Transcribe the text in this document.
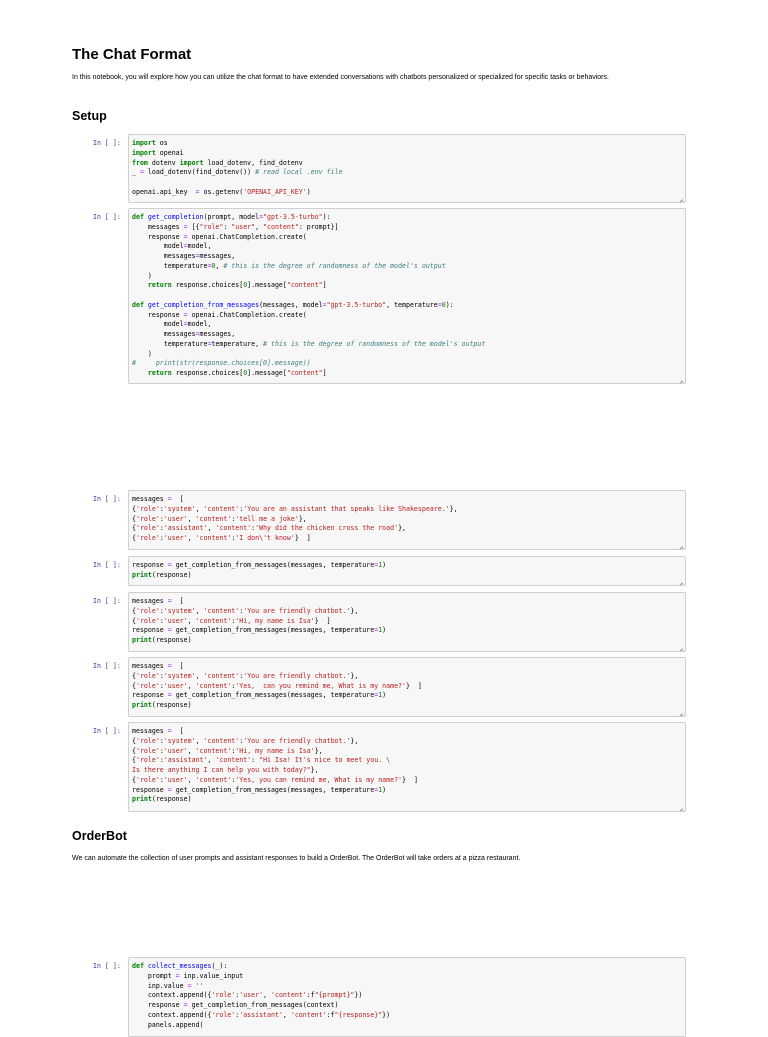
The Chat Format

In this notebook, you will explore how you can utilize the chat format to have extended conversations with chatbots personalized or specialized for specific tasks or behaviors.

Setup
In [ ]:	import os
import openai
from dotenv import load_dotenv, find_dotenv
_ = load_dotenv(find_dotenv()) # read local .env file

openai.api_key  = os.getenv('OPENAI_API_KEY')
In [ ]:	def get_completion(prompt, model="gpt-3.5-turbo"):
messages = [{"role": "user", "content": prompt}]
response = openai.ChatCompletion.create(
model=model,
messages=messages,
temperature=0, # this is the degree of randomness of the model's output
)
return response.choices[0].message["content"]

def get_completion_from_messages(messages, model="gpt-3.5-turbo", temperature=0):
response = openai.ChatCompletion.create(
model=model,
messages=messages,
temperature=temperature, # this is the degree of randomness of the model's output
)
#     print(str(response.choices[0].message))
return response.choices[0].message["content"]
In [ ]:	messages =  [
{'role':'system', 'content':'You are an assistant that speaks like Shakespeare.'},
{'role':'user', 'content':'tell me a joke'},
{'role':'assistant', 'content':'Why did the chicken cross the road'},
{'role':'user', 'content':'I don\'t know'}  ]
In [ ]:	response = get_completion_from_messages(messages, temperature=1)
print(response)
In [ ]:	messages =  [
{'role':'system', 'content':'You are friendly chatbot.'},
{'role':'user', 'content':'Hi, my name is Isa'}  ]
response = get_completion_from_messages(messages, temperature=1)
print(response)
In [ ]:	messages =  [
{'role':'system', 'content':'You are friendly chatbot.'},
{'role':'user', 'content':'Yes,  can you remind me, What is my name?'}  ]
response = get_completion_from_messages(messages, temperature=1)
print(response)
In [ ]:	messages =  [
{'role':'system', 'content':'You are friendly chatbot.'},
{'role':'user', 'content':'Hi, my name is Isa'},
{'role':'assistant', 'content': "Hi Isa! It's nice to meet you. \
Is there anything I can help you with today?"},
{'role':'user', 'content':'Yes, you can remind me, What is my name?'}  ]
response = get_completion_from_messages(messages, temperature=1)
print(response)
OrderBot

We can automate the collection of user prompts and assistant responses to build a OrderBot. The OrderBot will take orders at a pizza restaurant.

In [ ]:	def collect_messages(_):
prompt = inp.value_input
inp.value = ''
context.append({'role':'user', 'content':f"{prompt}"})
response = get_completion_from_messages(context)
context.append({'role':'assistant', 'content':f"{response}"})
panels.append(
